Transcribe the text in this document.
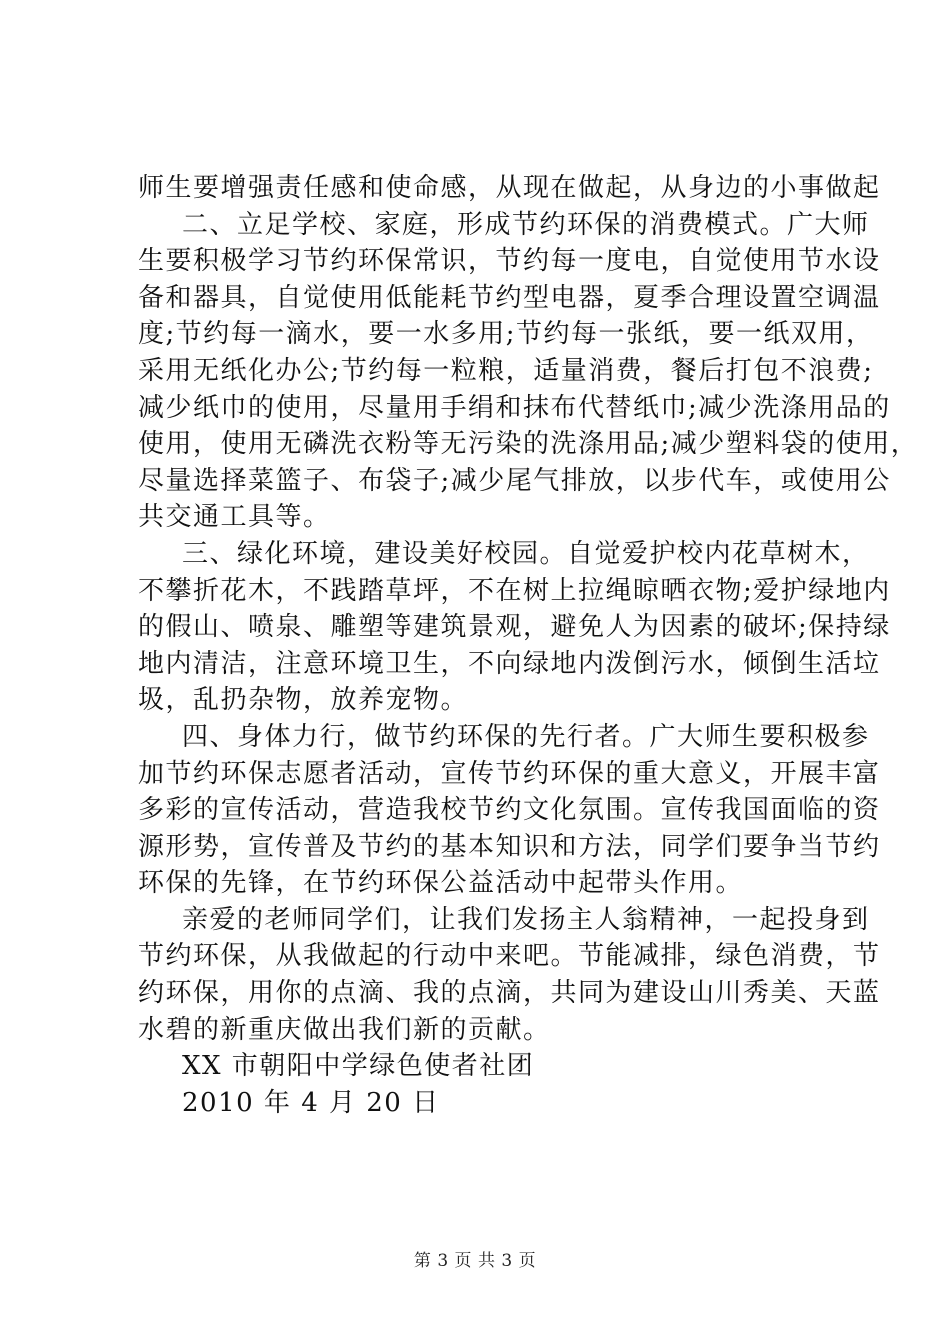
师生要增强责任感和使命感，从现在做起，从身边的小事做起
二、立足学校、家庭，形成节约环保的消费模式。广大师
生要积极学习节约环保常识，节约每一度电，自觉使用节水设
备和器具，自觉使用低能耗节约型电器，夏季合理设置空调温
度;节约每一滴水，要一水多用;节约每一张纸，要一纸双用，
采用无纸化办公;节约每一粒粮，适量消费，餐后打包不浪费;
减少纸巾的使用，尽量用手绢和抹布代替纸巾;减少洗涤用品的
使用，使用无磷洗衣粉等无污染的洗涤用品;减少塑料袋的使用，
尽量选择菜篮子、布袋子;减少尾气排放，以步代车，或使用公
共交通工具等。
三、绿化环境，建设美好校园。自觉爱护校内花草树木，
不攀折花木，不践踏草坪，不在树上拉绳晾晒衣物;爱护绿地内
的假山、喷泉、雕塑等建筑景观，避免人为因素的破坏;保持绿
地内清洁，注意环境卫生，不向绿地内泼倒污水，倾倒生活垃
圾，乱扔杂物，放养宠物。
四、身体力行，做节约环保的先行者。广大师生要积极参
加节约环保志愿者活动，宣传节约环保的重大意义，开展丰富
多彩的宣传活动，营造我校节约文化氛围。宣传我国面临的资
源形势，宣传普及节约的基本知识和方法，同学们要争当节约
环保的先锋，在节约环保公益活动中起带头作用。
亲爱的老师同学们，让我们发扬主人翁精神，一起投身到
节约环保，从我做起的行动中来吧。节能减排，绿色消费，节
约环保，用你的点滴、我的点滴，共同为建设山川秀美、天蓝
水碧的新重庆做出我们新的贡献。
XX 市朝阳中学绿色使者社团
2010 年 4 月 20 日
第 3 页 共 3 页
